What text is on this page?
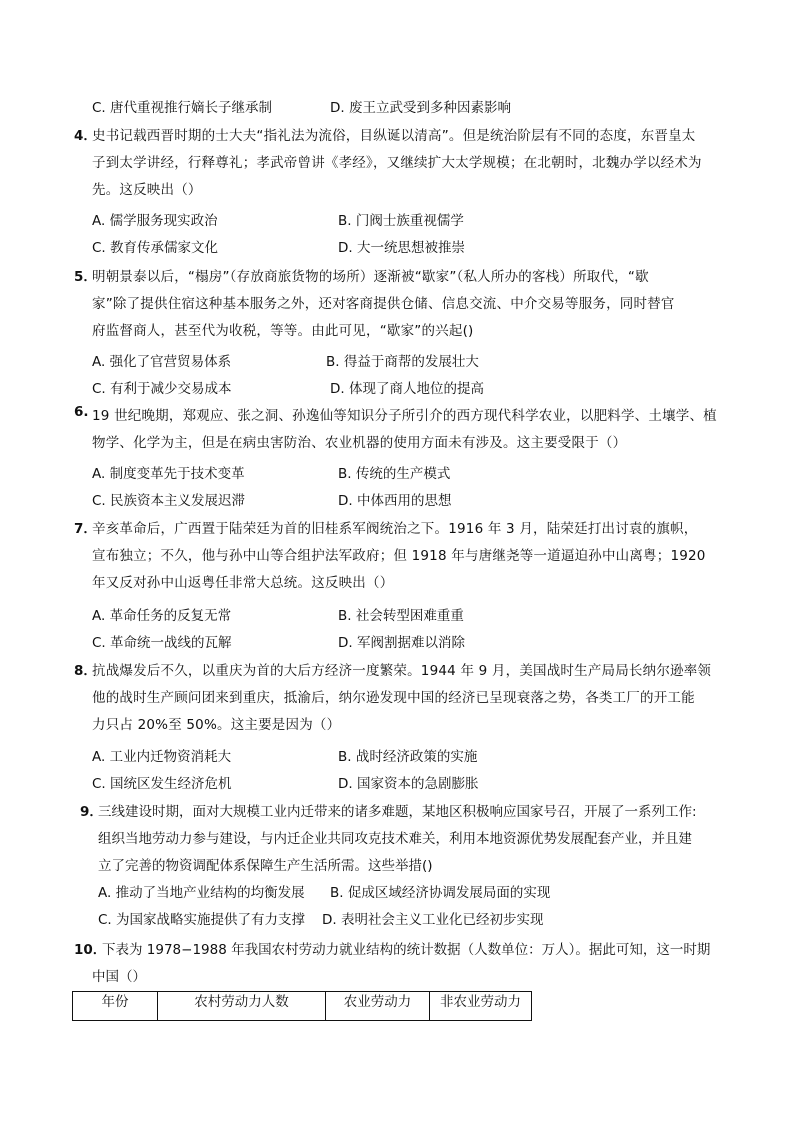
C. 唐代重视推行嫡长子继承制	D. 废王立武受到多种因素影响
4．
史书记载西晋时期的士大夫“指礼法为流俗，目纵诞以清高”。但是统治阶层有不同的态度，东晋皇太
子到太学讲经，行释尊礼；孝武帝曾讲《孝经》，又继续扩大太学规模；在北朝时，北魏办学以经术为
先。这反映出（）
A. 儒学服务现实政治	B. 门阀士族重视儒学
C. 教育传承儒家文化	D. 大一统思想被推崇
5．
明朝景泰以后，“榻房”（存放商旅货物的场所）逐渐被“歇家”（私人所办的客栈）所取代，“歇
家”除了提供住宿这种基本服务之外，还对客商提供仓储、信息交流、中介交易等服务，同时替官
府监督商人，甚至代为收税，等等。由此可见，“歇家”的兴起()
A. 强化了官营贸易体系	B. 得益于商帮的发展壮大
C. 有利于减少交易成本	D. 体现了商人地位的提高
6. 19 世纪晚期，郑观应、张之洞、孙逸仙等知识分子所引介的西方现代科学农业，以肥料学、土壤学、植
物学、化学为主，但是在病虫害防治、农业机器的使用方面未有涉及。这主要受限于（）
A. 制度变革先于技术变革	B. 传统的生产模式
C. 民族资本主义发展迟滞	D. 中体西用的思想
7．
辛亥革命后，广西置于陆荣廷为首的旧桂系军阀统治之下。1916 年 3 月，陆荣廷打出讨袁的旗帜，
宣布独立；不久，他与孙中山等合组护法军政府；但 1918 年与唐继尧等一道逼迫孙中山离粤；1920
年又反对孙中山返粤任非常大总统。这反映出（）
A. 革命任务的反复无常	B. 社会转型困难重重
C. 革命统一战线的瓦解	D. 军阀割据难以消除
8．
抗战爆发后不久，以重庆为首的大后方经济一度繁荣。1944 年 9 月，美国战时生产局局长纳尔逊率领
他的战时生产顾问团来到重庆，抵渝后，纳尔逊发现中国的经济已呈现衰落之势，各类工厂的开工能
力只占 20%至 50%。这主要是因为（）
A. 工业内迁物资消耗大	B. 战时经济政策的实施
C. 国统区发生经济危机	D. 国家资本的急剧膨胀
9．
三线建设时期，面对大规模工业内迁带来的诸多难题，某地区积极响应国家号召，开展了一系列工作:
组织当地劳动力参与建设，与内迁企业共同攻克技术难关，利用本地资源优势发展配套产业，并且建
立了完善的物资调配体系保障生产生活所需。这些举措()
A. 推动了当地产业结构的均衡发展 B. 促成区域经济协调发展局面的实现
C. 为国家战略实施提供了有力支撑 D. 表明社会主义工业化已经初步实现
10．
下表为 1978−1988 年我国农村劳动力就业结构的统计数据（人数单位：万人）。据此可知，这一时期
中国（）
年份	农村劳动力人数	农业劳动力	非农业劳动力
